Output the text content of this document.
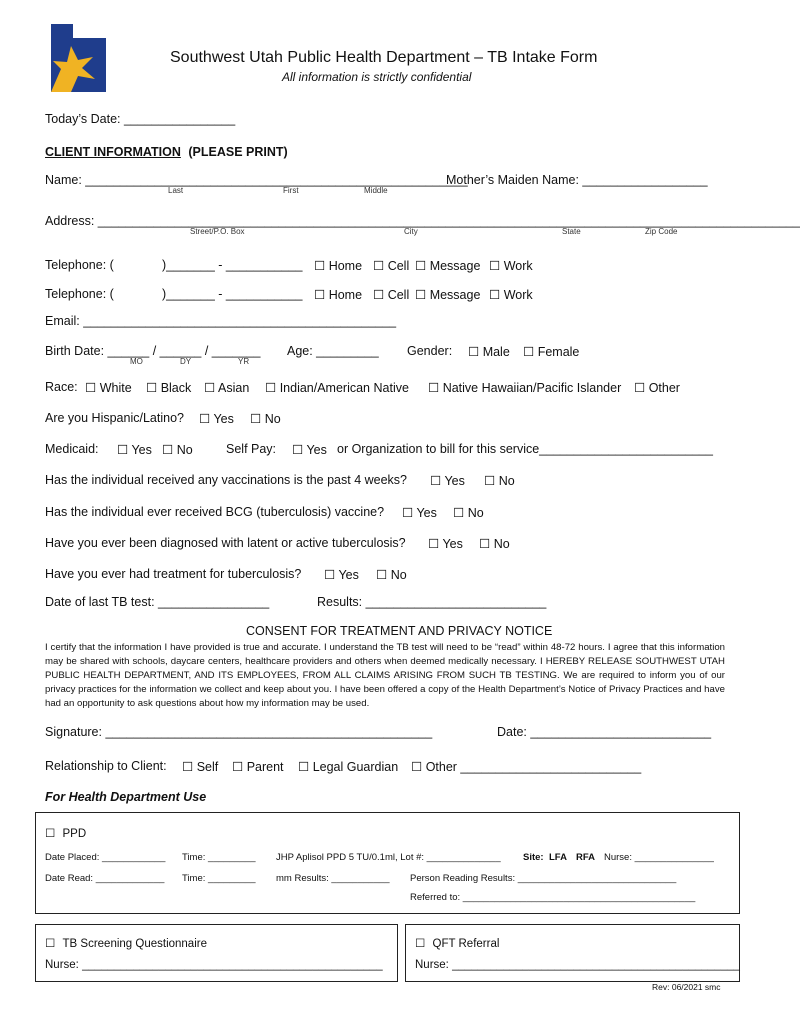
Southwest Utah Public Health Department – TB Intake Form
All information is strictly confidential
Today’s Date: ________________
CLIENT INFORMATION (PLEASE PRINT)
Name: _______________________________________________________
Last	First	Middle
Mother’s Maiden Name: __________________
Address: _____________________________________________________________________________________________________
Street/P.O. Box	City	State	Zip Code
Telephone: (	)_______ - ___________ ☐ Home ☐ Cell ☐ Message ☐ Work
Telephone: (	)_______ - ___________ ☐ Home ☐ Cell ☐ Message ☐ Work
Email: _____________________________________________
Birth Date: ______ / ______ / _______
MO	DY	YR
Age: _________ Gender: ☐ Male ☐ Female
Race: ☐ White ☐ Black ☐ Asian ☐ Indian/American Native ☐ Native Hawaiian/Pacific Islander ☐ Other
Are you Hispanic/Latino? ☐ Yes ☐ No
Medicaid: ☐ Yes ☐ No	Self Pay: ☐ Yes or Organization to bill for this service_________________________
Has the individual received any vaccinations is the past 4 weeks? ☐ Yes ☐ No
Has the individual ever received BCG (tuberculosis) vaccine? ☐ Yes ☐ No
Have you ever been diagnosed with latent or active tuberculosis? ☐ Yes ☐ No
Have you ever had treatment for tuberculosis? ☐ Yes ☐ No
Date of last TB test: ________________	Results: __________________________
CONSENT FOR TREATMENT AND PRIVACY NOTICE
I certify that the information I have provided is true and accurate. I understand the TB test will need to be “read” within 48-72 hours. I agree that this information may be shared with schools, daycare centers, healthcare providers and others when deemed medically necessary. I HEREBY RELEASE SOUTHWEST UTAH PUBLIC HEALTH DEPARTMENT, AND ITS EMPLOYEES, FROM ALL CLAIMS ARISING FROM SUCH TB TESTING. We are required to inform you of our privacy practices for the information we collect and keep about you. I have been offered a copy of the Health Department’s Notice of Privacy Practices and have had an opportunity to ask questions about how my information may be used.
Signature: _______________________________________________	Date: __________________________
Relationship to Client: ☐ Self ☐ Parent ☐ Legal Guardian ☐ Other __________________________
For Health Department Use
☐ PPD
Date Placed: ____________ Time: _________ JHP Aplisol PPD 5 TU/0.1ml, Lot #: ______________ Site: LFA RFA Nurse: _______________
Date Read: _____________ Time: _________ mm Results: ___________ Person Reading Results: ______________________________
Referred to: ____________________________________________
☐ TB Screening Questionnaire
Nurse: _______________________________________________
☐ QFT Referral
Nurse: _____________________________________________
Rev: 06/2021 smc
